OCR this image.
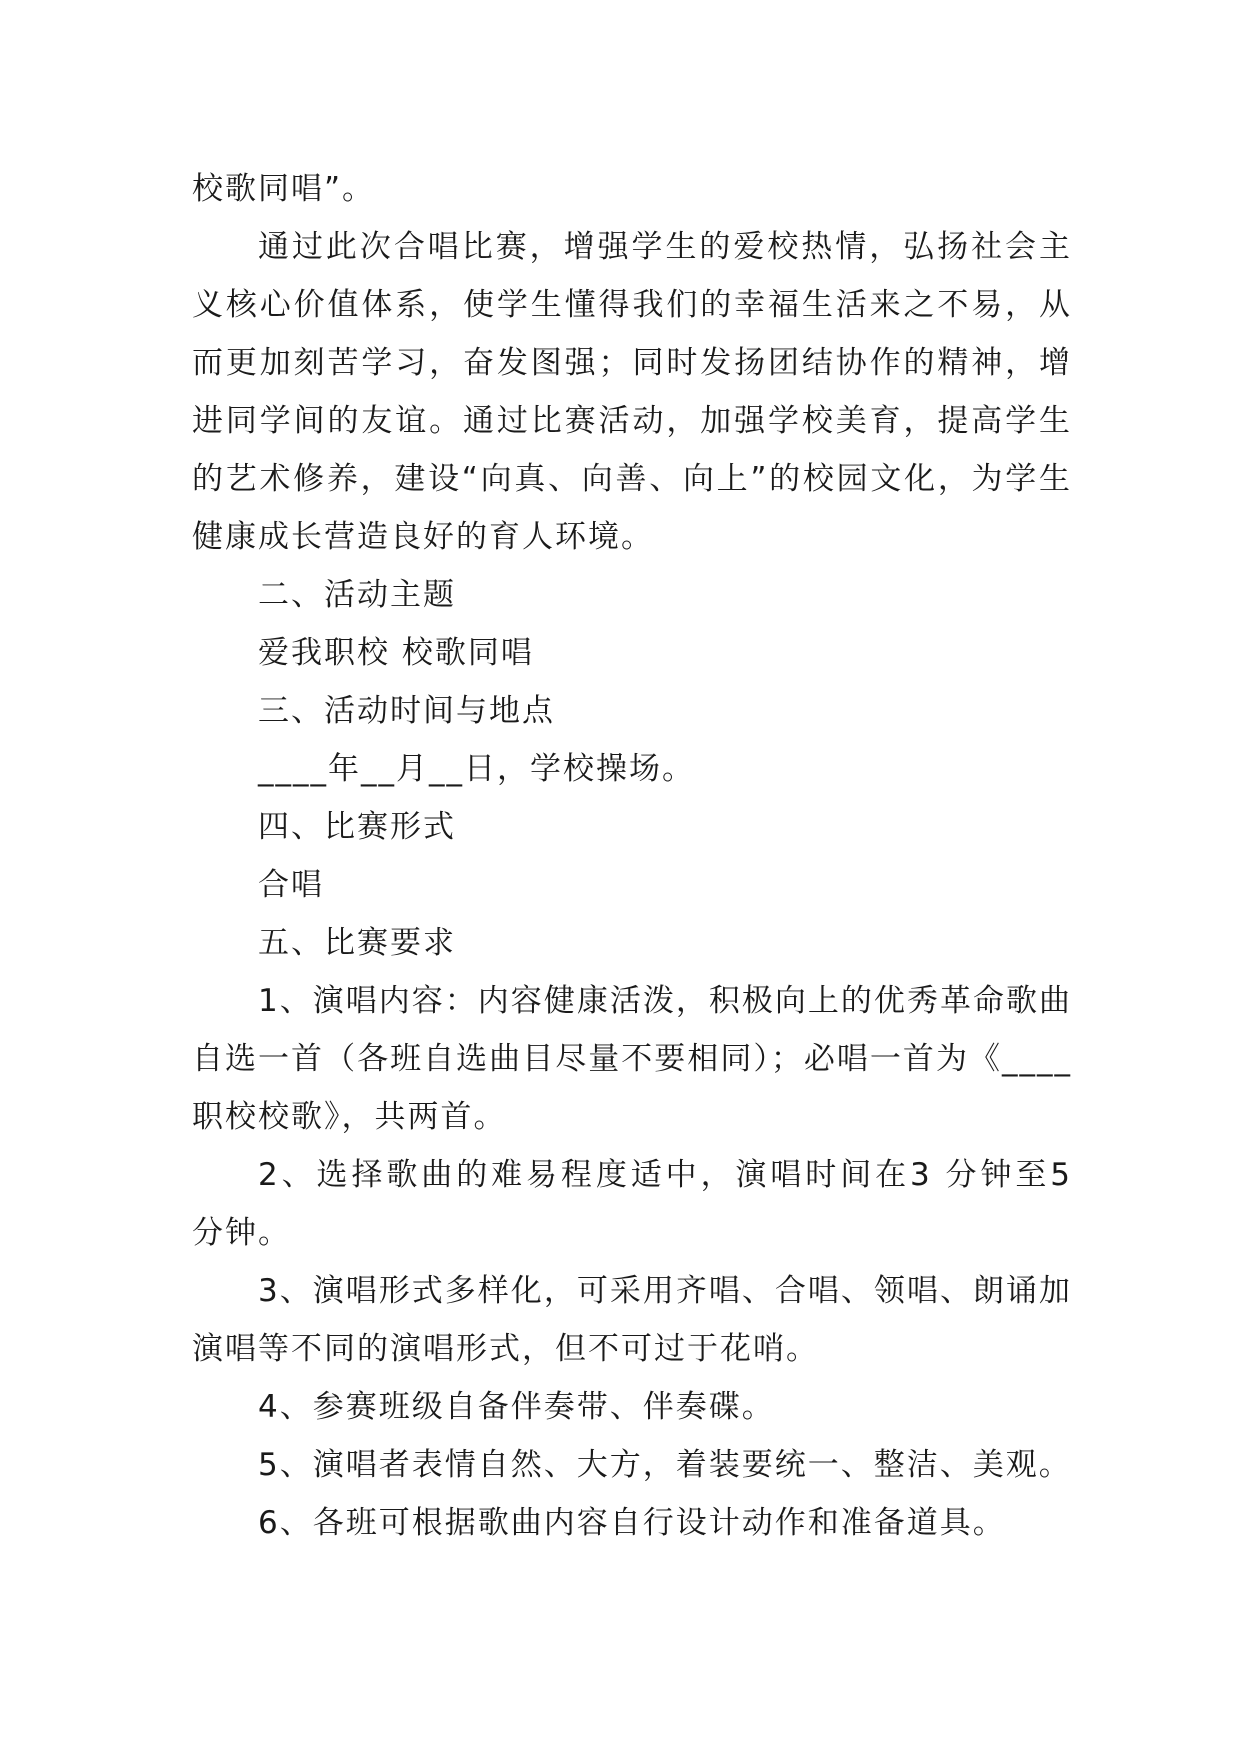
校歌同唱”。

通过此次合唱比赛，增强学生的爱校热情，弘扬社会主义核心价值体系，使学生懂得我们的幸福生活来之不易，从而更加刻苦学习，奋发图强；同时发扬团结协作的精神，增进同学间的友谊。通过比赛活动，加强学校美育，提高学生的艺术修养，建设“向真、向善、向上”的校园文化，为学生健康成长营造良好的育人环境。

二、活动主题

爱我职校 校歌同唱

三、活动时间与地点

____年__月__日，学校操场。

四、比赛形式

合唱

五、比赛要求

1、演唱内容：内容健康活泼，积极向上的优秀革命歌曲自选一首（各班自选曲目尽量不要相同）；必唱一首为《____职校校歌》，共两首。

2、选择歌曲的难易程度适中，演唱时间在3 分钟至5 分钟。

3、演唱形式多样化，可采用齐唱、合唱、领唱、朗诵加演唱等不同的演唱形式，但不可过于花哨。

4、参赛班级自备伴奏带、伴奏碟。

5、演唱者表情自然、大方，着装要统一、整洁、美观。

6、各班可根据歌曲内容自行设计动作和准备道具。
